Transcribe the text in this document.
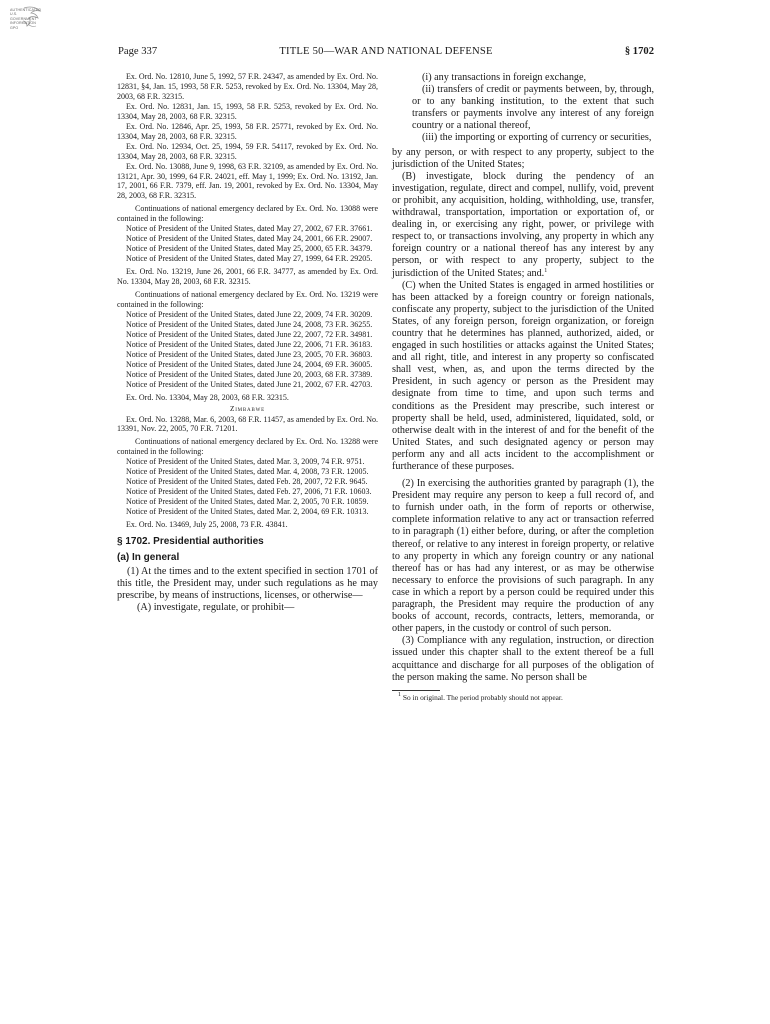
AUTHENTICATED U.S. GOVERNMENT INFORMATION GPO
Page 337	TITLE 50—WAR AND NATIONAL DEFENSE	§ 1702

Ex. Ord. No. 12810, June 5, 1992, 57 F.R. 24347, as amended by Ex. Ord. No. 12831, §4, Jan. 15, 1993, 58 F.R. 5253, revoked by Ex. Ord. No. 13304, May 28, 2003, 68 F.R. 32315.

Ex. Ord. No. 12831, Jan. 15, 1993, 58 F.R. 5253, revoked by Ex. Ord. No. 13304, May 28, 2003, 68 F.R. 32315.

Ex. Ord. No. 12846, Apr. 25, 1993, 58 F.R. 25771, revoked by Ex. Ord. No. 13304, May 28, 2003, 68 F.R. 32315.

Ex. Ord. No. 12934, Oct. 25, 1994, 59 F.R. 54117, revoked by Ex. Ord. No. 13304, May 28, 2003, 68 F.R. 32315.

Ex. Ord. No. 13088, June 9, 1998, 63 F.R. 32109, as amended by Ex. Ord. No. 13121, Apr. 30, 1999, 64 F.R. 24021, eff. May 1, 1999; Ex. Ord. No. 13192, Jan. 17, 2001, 66 F.R. 7379, eff. Jan. 19, 2001, revoked by Ex. Ord. No. 13304, May 28, 2003, 68 F.R. 32315.

Continuations of national emergency declared by Ex. Ord. No. 13088 were contained in the following:

Notice of President of the United States, dated May 27, 2002, 67 F.R. 37661.

Notice of President of the United States, dated May 24, 2001, 66 F.R. 29007.

Notice of President of the United States, dated May 25, 2000, 65 F.R. 34379.

Notice of President of the United States, dated May 27, 1999, 64 F.R. 29205.

Ex. Ord. No. 13219, June 26, 2001, 66 F.R. 34777, as amended by Ex. Ord. No. 13304, May 28, 2003, 68 F.R. 32315.

Continuations of national emergency declared by Ex. Ord. No. 13219 were contained in the following:

Notice of President of the United States, dated June 22, 2009, 74 F.R. 30209.

Notice of President of the United States, dated June 24, 2008, 73 F.R. 36255.

Notice of President of the United States, dated June 22, 2007, 72 F.R. 34981.

Notice of President of the United States, dated June 22, 2006, 71 F.R. 36183.

Notice of President of the United States, dated June 23, 2005, 70 F.R. 36803.

Notice of President of the United States, dated June 24, 2004, 69 F.R. 36005.

Notice of President of the United States, dated June 20, 2003, 68 F.R. 37389.

Notice of President of the United States, dated June 21, 2002, 67 F.R. 42703.

Ex. Ord. No. 13304, May 28, 2003, 68 F.R. 32315.

Zimbabwe

Ex. Ord. No. 13288, Mar. 6, 2003, 68 F.R. 11457, as amended by Ex. Ord. No. 13391, Nov. 22, 2005, 70 F.R. 71201.

Continuations of national emergency declared by Ex. Ord. No. 13288 were contained in the following:

Notice of President of the United States, dated Mar. 3, 2009, 74 F.R. 9751.

Notice of President of the United States, dated Mar. 4, 2008, 73 F.R. 12005.

Notice of President of the United States, dated Feb. 28, 2007, 72 F.R. 9645.

Notice of President of the United States, dated Feb. 27, 2006, 71 F.R. 10603.

Notice of President of the United States, dated Mar. 2, 2005, 70 F.R. 10859.

Notice of President of the United States, dated Mar. 2, 2004, 69 F.R. 10313.

Ex. Ord. No. 13469, July 25, 2008, 73 F.R. 43841.

§ 1702. Presidential authorities

(a) In general

(1) At the times and to the extent specified in section 1701 of this title, the President may, under such regulations as he may prescribe, by means of instructions, licenses, or otherwise—

(A) investigate, regulate, or prohibit—

(i) any transactions in foreign exchange,

(ii) transfers of credit or payments between, by, through, or to any banking institution, to the extent that such transfers or payments involve any interest of any foreign country or a national thereof,

(iii) the importing or exporting of currency or securities,

by any person, or with respect to any property, subject to the jurisdiction of the United States;

(B) investigate, block during the pendency of an investigation, regulate, direct and compel, nullify, void, prevent or prohibit, any acquisition, holding, withholding, use, transfer, withdrawal, transportation, importation or exportation of, or dealing in, or exercising any right, power, or privilege with respect to, or transactions involving, any property in which any foreign country or a national thereof has any interest by any person, or with respect to any property, subject to the jurisdiction of the United States; and.$^1$

(C) when the United States is engaged in armed hostilities or has been attacked by a foreign country or foreign nationals, confiscate any property, subject to the jurisdiction of the United States, of any foreign person, foreign organization, or foreign country that he determines has planned, authorized, aided, or engaged in such hostilities or attacks against the United States; and all right, title, and interest in any property so confiscated shall vest, when, as, and upon the terms directed by the President, in such agency or person as the President may designate from time to time, and upon such terms and conditions as the President may prescribe, such interest or property shall be held, used, administered, liquidated, sold, or otherwise dealt with in the interest of and for the benefit of the United States, and such designated agency or person may perform any and all acts incident to the accomplishment or furtherance of these purposes.

(2) In exercising the authorities granted by paragraph (1), the President may require any person to keep a full record of, and to furnish under oath, in the form of reports or otherwise, complete information relative to any act or transaction referred to in paragraph (1) either before, during, or after the completion thereof, or relative to any interest in foreign property, or relative to any property in which any foreign country or any national thereof has or has had any interest, or as may be otherwise necessary to enforce the provisions of such paragraph. In any case in which a report by a person could be required under this paragraph, the President may require the production of any books of account, records, contracts, letters, memoranda, or other papers, in the custody or control of such person.

(3) Compliance with any regulation, instruction, or direction issued under this chapter shall to the extent thereof be a full acquittance and discharge for all purposes of the obligation of the person making the same. No person shall be

$^1$ So in original. The period probably should not appear.
